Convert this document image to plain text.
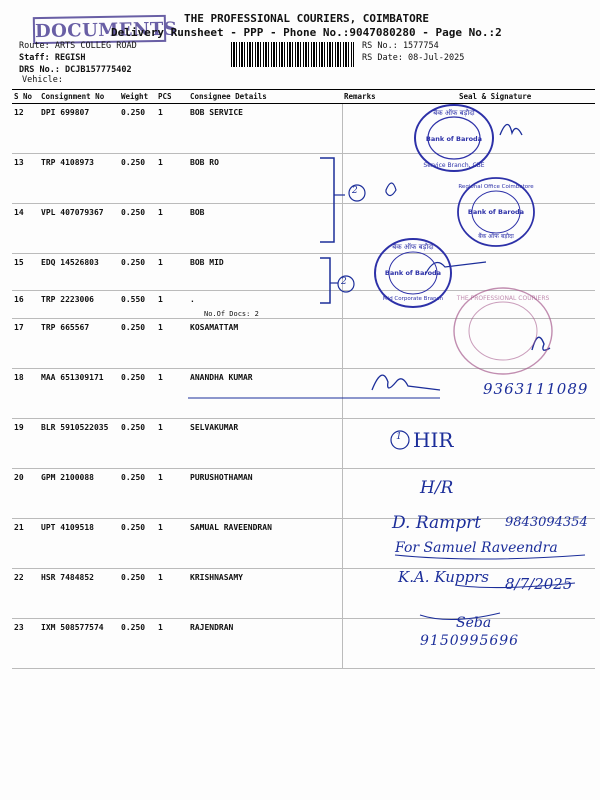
DOCUMENTS
THE PROFESSIONAL COURIERS, COIMBATORE
Delivery Runsheet - PPP - Phone No.:9047080280 - Page No.:2
Route: ARTS COLLEG ROAD
Staff: REGISH
DRS No.: DCJB157775402
Vehicle:
RS No.: 1577754
RS Date: 08-Jul-2025
S No	Consignment No	Weight	PCS	Consignee Details	Remarks	Seal & Signature
12	DPI 699807	0.250	1	BOB SERVICE		
13	TRP 4108973	0.250	1	BOB RO		
14	VPL 407079367	0.250	1	BOB		
15	EDQ 14526803	0.250	1	BOB MID		
16	TRP 2223006	0.550	1	.
No.Of Docs: 2		

17	TRP 665567	0.250	1	KOSAMATTAM		
18	MAA 651309171	0.250	1	ANANDHA KUMAR		
19	BLR 5910522035	0.250	1	SELVAKUMAR		
20	GPM 2100088	0.250	1	PURUSHOTHAMAN		
21	UPT 4109518	0.250	1	SAMUAL RAVEENDRAN		
22	HSR 7484852	0.250	1	KRISHNASAMY		
23	IXM 508577574	0.250	1	RAJENDRAN		
2
2
9363111089
1 HIR
H/R
D. Ramprt 9843094354
For Samuel Raveendra
K.A. Kupprs 8/7/2025
Seba
9150995696
बैंक ऑफ बड़ौदा
Bank of Baroda
Service Branch, CBE
Regional Office Coimbatore
Bank of Baroda
बैंक ऑफ बड़ौदा
बैंक ऑफ बड़ौदा
Bank of Baroda
Mid Corporate Branch THE PROFESSIONAL COURIERS
